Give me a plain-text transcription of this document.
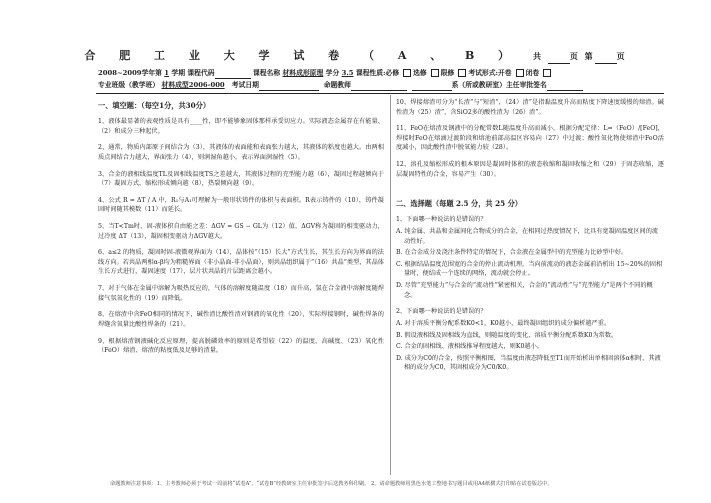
合 肥 工 业 大 学 试 卷 （ A 、 B ） 共	页 第	页
2008~2009学年第 1 学期 课程代码	课程名称 材料成形原理 学分 3.5 课程性质:必修 选修 限修 考试形式:开卷 闭卷
专业班级（教学班） 材料成型2006-000 考试日期	命题教师	系（所或教研室）主任审批签名
一、填空题：（每空1分，共30分）
1、液体最显著的表观性质是具有____性，即不能够象固体那样承受切应力。实际液态金属存在有能量、（2）和成分三种起伏。
2、通常，物质内部原子间结合为（3），其液体的表面能和表面张力越大，其液体的粘度也越大。由两相质点间结合力越大，界面张力（4），则润湿角越小，表示界面润湿性（5）。
3、合金的液相线温度TL及固相线温度TS之差越大，其液体过程的充型能力越（6），凝固过程越倾向于（7）凝固方式，缩松形成倾向越（8），热裂倾向越（9）。
4、公式 R = ΔT / A 中，R₁与A₁可理解为一般形状铸件的体积与表面积。R表示铸件的（10），铸件凝固时间随其模数（11）而延长。
5、当T<Tm时，固-液体积自由能之差：ΔGV = GS − GL为（12）值，ΔGV称为凝固的相变驱动力，过冷度 ΔT（13），凝固相变驱动力ΔGV越大。
6、a≤2 的物质，凝固时固-液微观界面为（14），晶体按“（15）长大”方式生长，其生长方向为界面的法线方向。若共晶两相α-β均为粗糙界面（非小晶面-非小晶面），则共晶组织属于“（16）共晶”类型，其晶体生长方式进行，凝固速度（17），层片状共晶的片层距离会越小。
7、对于气体在金属中溶解为吸热反应的，气体的溶解度随温度（18）而升高，氢在合金液中溶解度随焊接气氛氧化性的（19）而降低。
8、在熔渣中含FeO相同的情况下，碱性渣比酸性渣对钢液的氧化性（20），实际焊接钢时，碱性焊条的焊缝含氧量比酸性焊条的（21）。
9、根据熔渣钢液碱化反应原理，提高脱磷效率的原则是希望较（22）的温度、高碱度、（23）氧化性（FeO）熔渣、熔渣的粘度低及足够的渣量。
10、焊接熔渣可分为“长渣”与“短渣”，（24）渣”是指黏温度升高而粘度下降速度缓慢的熔渣。碱性渣为（25）渣”，含SiO2多的酸性渣为（26）渣”。
11、FeO在熔渣及钢液中的分配常数L随温度升高而减小，根据分配定律：L=（FeO）/[FeO]，焊接时FeO在熔滴过渡阶段和熔池前部高温区容易向（27）中过渡；酸性氧化物使熔渣中FeO活度减小，因此酸性渣中脱氧能力较（28）。
12、溶孔及缩松形成的根本原因是凝固时体积的液态收缩和凝固收缩之和（29）于固态收缩，逐层凝固特性的合金，容易产生（30）。
二、选择题（每题 2.5 分，共 25 分）
1、下面哪一种说法的是错误的？
A. 纯金属、共晶和金属间化合物成分的合金，在相同过热度情况下，比具有宽凝固温度区间的流动性好。
B. 在合金成分及浇注条件特定的情况下，合金液在金属型中的充型能力比砂型中好。
C. 根据结晶温度范围宽的合金的停止流动机理，当向前流动的液态金属前沿析出 15~20%的固相量时，便结成一个连续的网络，流动就会停止。
D. 尽管“充型能力”与合金的“流动性”紧密相关，合金的“流动性”与“充型能力”是两个不同的概念。
2、下面哪一种说法的是错误的？
A. 对于溶质平衡分配系数K0<1，K0越小，最终凝固组织的成分偏析越严重。
B. 假设液相线及固相线为直线，则随温度的变化，溶质平衡分配系数K0为常数。
C. 合金的固相线、液相线推导程度越大，则K0越小。
D. 成分为C0的合金，按照平衡相图，当温度由液态降低至T1而开始析出单相固溶体α相时，其液相的成分为C0，其固相成分为C0/K0。
命题教师注意事项：1、主考教师必须于考试一周前将“试卷A”、“试卷B”经教研室主任审批签字后送教务科印刷。 2、请命题教师用黑色水笔工整地书写题目或用A4纸横式打印贴在试卷版芯中。
